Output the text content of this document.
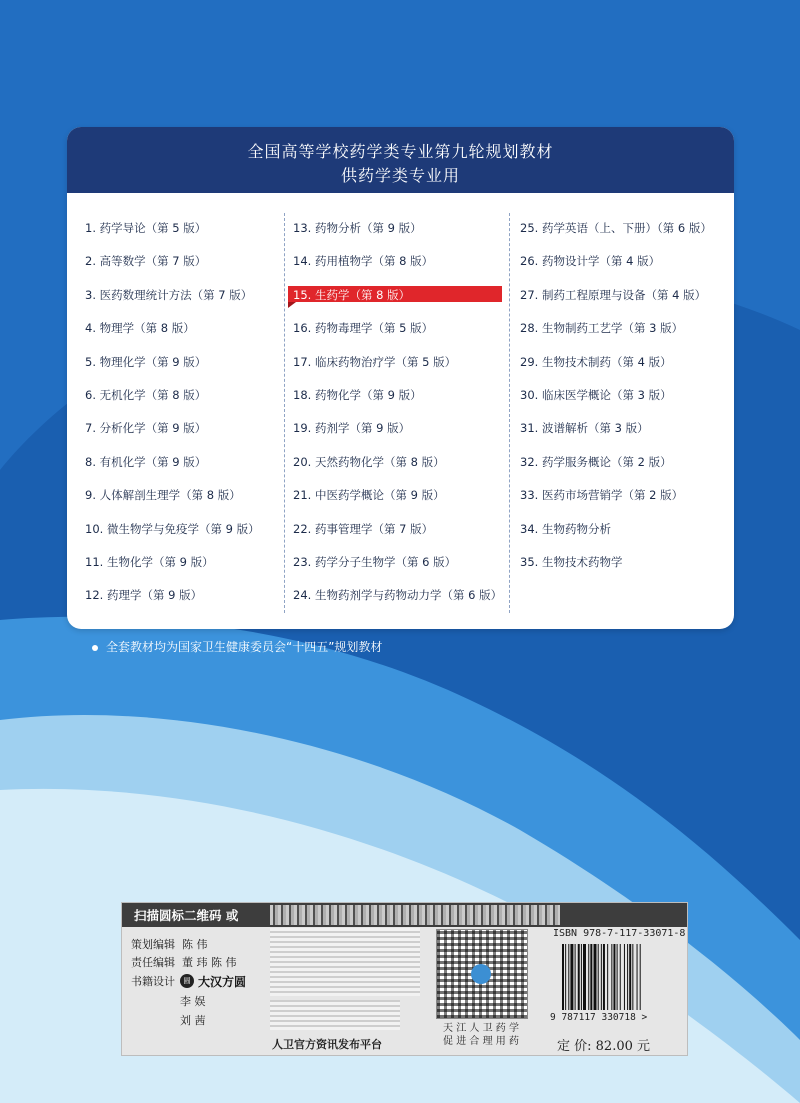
全国高等学校药学类专业第九轮规划教材
供药学类专业用
1. 药学导论（第 5 版）
2. 高等数学（第 7 版）
3. 医药数理统计方法（第 7 版）
4. 物理学（第 8 版）
5. 物理化学（第 9 版）
6. 无机化学（第 8 版）
7. 分析化学（第 9 版）
8. 有机化学（第 9 版）
9. 人体解剖生理学（第 8 版）
10. 微生物学与免疫学（第 9 版）
11. 生物化学（第 9 版）
12. 药理学（第 9 版）
13. 药物分析（第 9 版）
14. 药用植物学（第 8 版）
15. 生药学（第 8 版）
16. 药物毒理学（第 5 版）
17. 临床药物治疗学（第 5 版）
18. 药物化学（第 9 版）
19. 药剂学（第 9 版）
20. 天然药物化学（第 8 版）
21. 中医药学概论（第 9 版）
22. 药事管理学（第 7 版）
23. 药学分子生物学（第 6 版）
24. 生物药剂学与药物动力学（第 6 版）
25. 药学英语（上、下册）（第 6 版）
26. 药物设计学（第 4 版）
27. 制药工程原理与设备（第 4 版）
28. 生物制药工艺学（第 3 版）
29. 生物技术制药（第 4 版）
30. 临床医学概论（第 3 版）
31. 波谱解析（第 3 版）
32. 药学服务概论（第 2 版）
33. 医药市场营销学（第 2 版）
34. 生物药物分析
35. 生物技术药物学
全套教材均为国家卫生健康委员会“十四五”规划教材
扫描圆标二维码 或
策划编辑 陈 伟
责任编辑 董 玮 陈 伟
书籍设计	圆 大汉方圆
李 娱
刘 茜
人卫官方资讯发布平台
天 江 人 卫 药 学
促 进 合 理 用 药
ISBN 978-7-117-33071-8
9 787117 330718 >
定 价: 82.00 元
